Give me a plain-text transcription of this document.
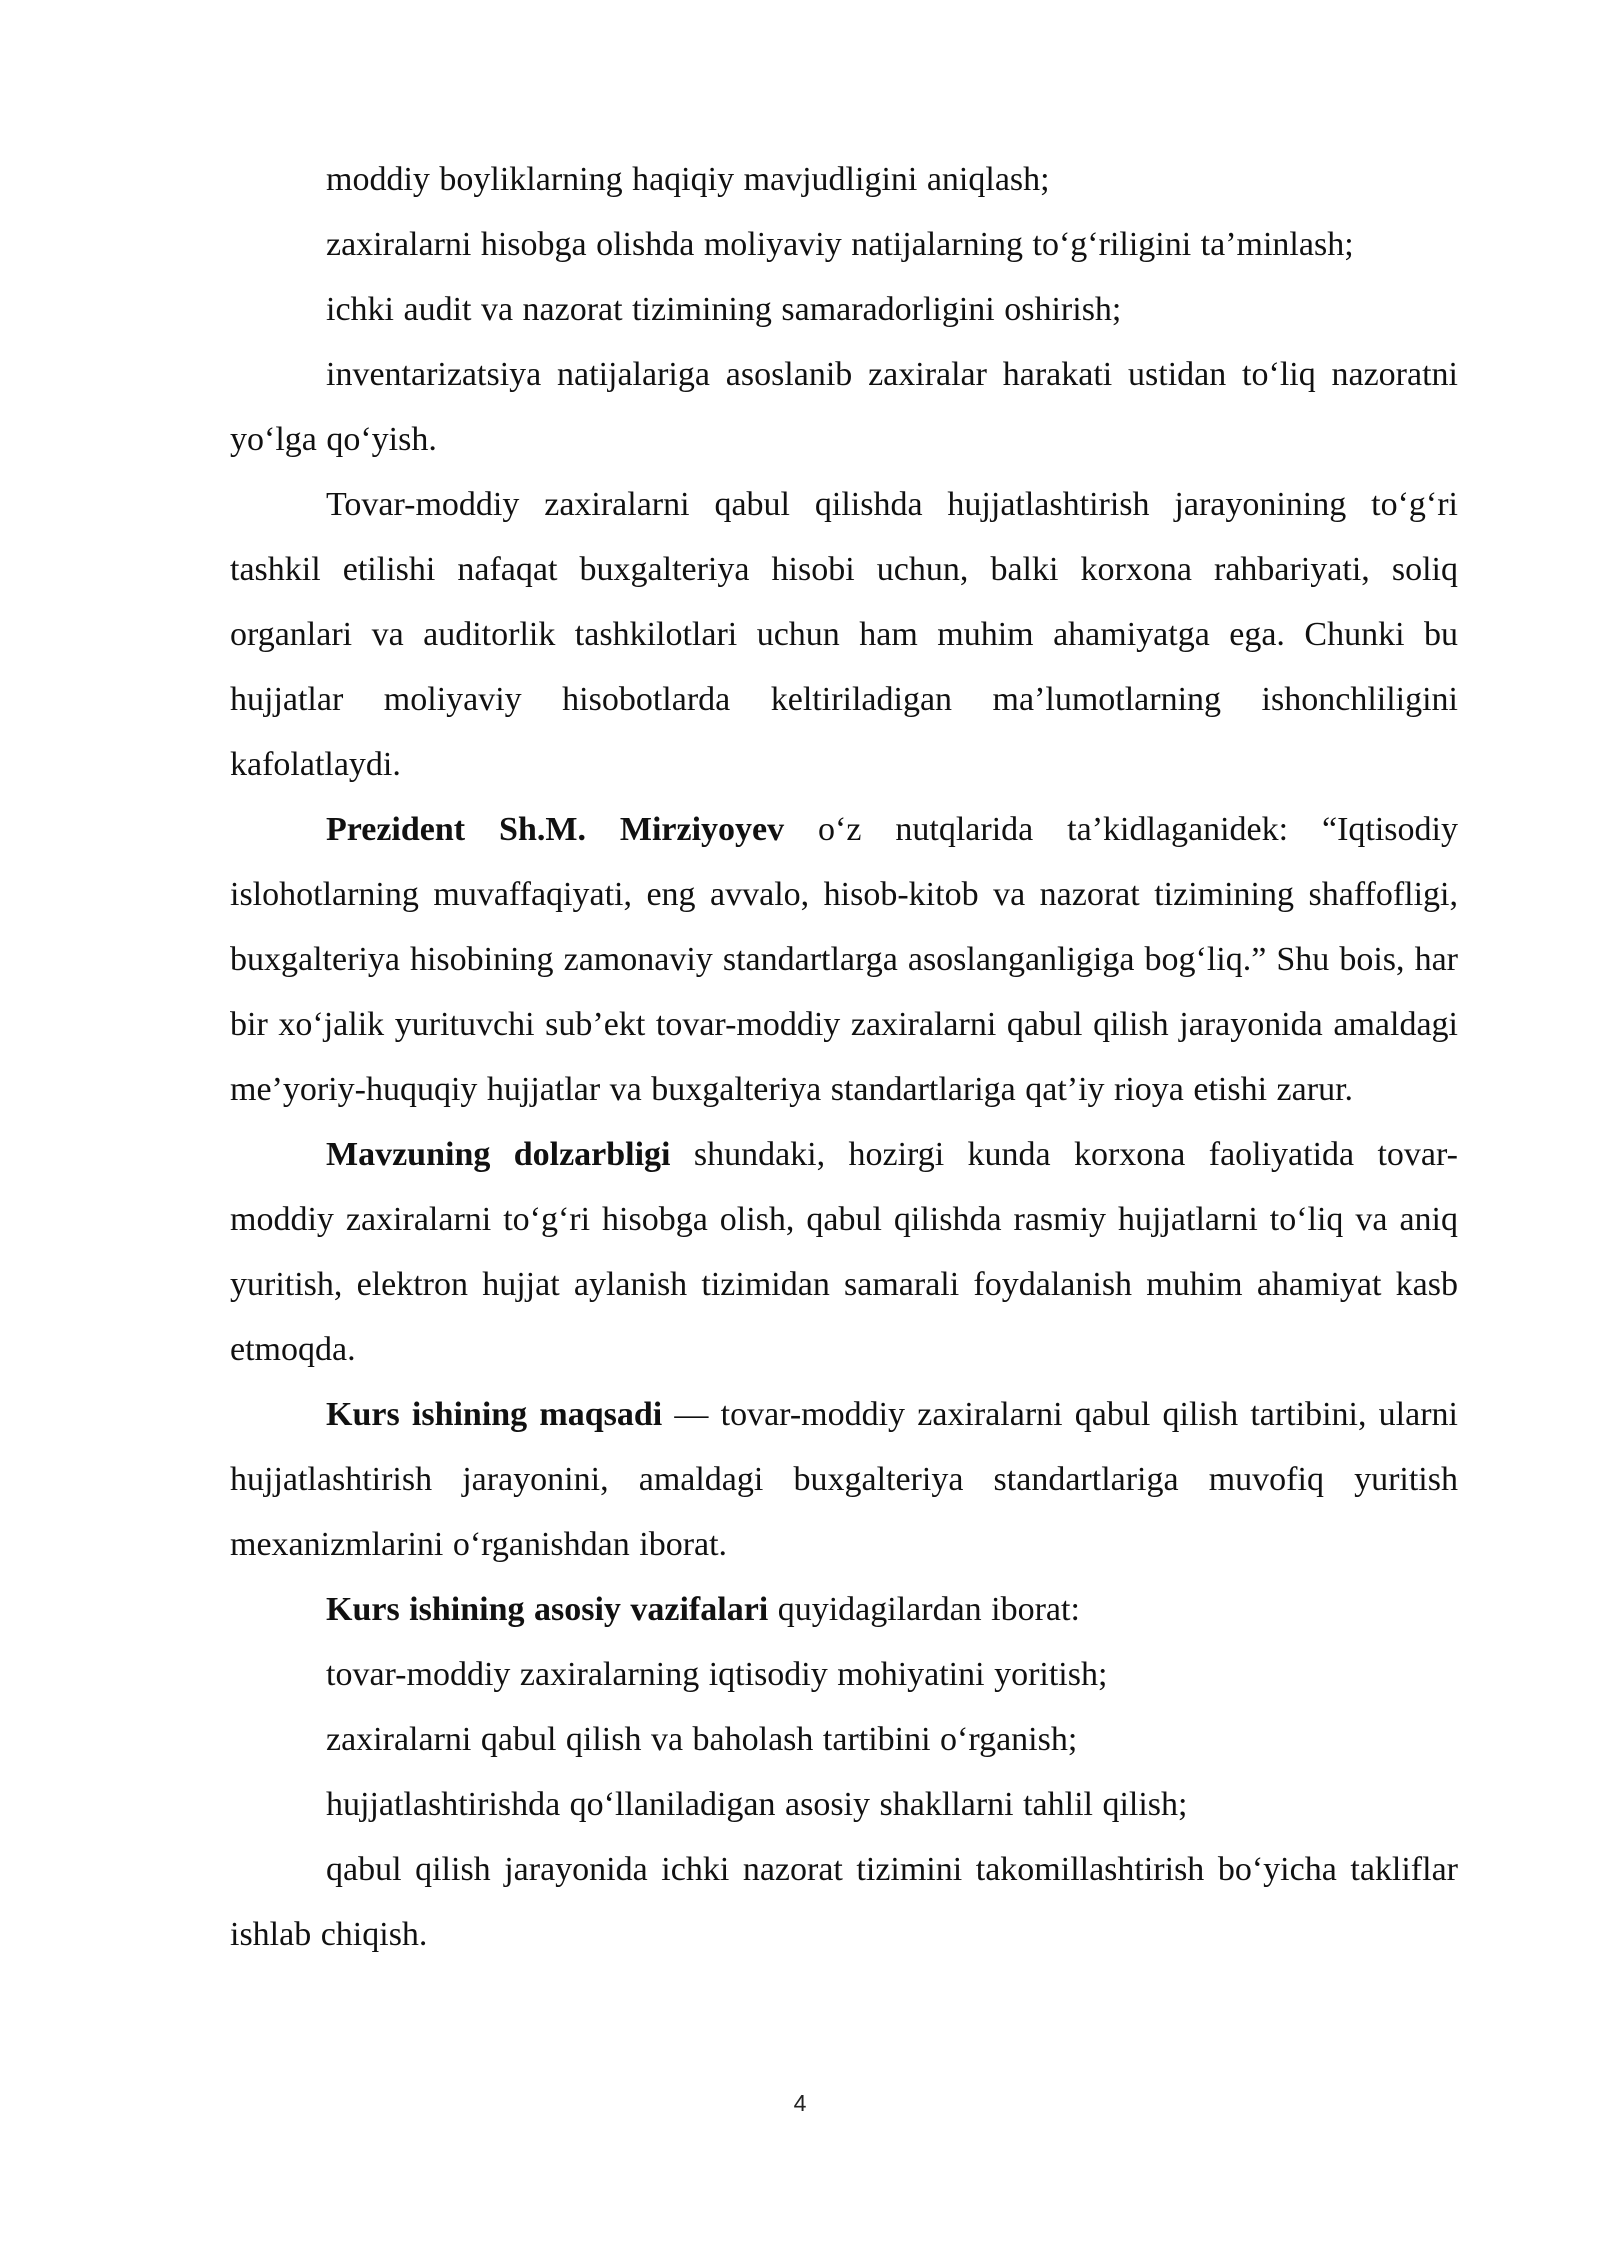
moddiy boyliklarning haqiqiy mavjudligini aniqlash;

zaxiralarni hisobga olishda moliyaviy natijalarning to‘g‘riligini ta’minlash;

ichki audit va nazorat tizimining samaradorligini oshirish;

inventarizatsiya natijalariga asoslanib zaxiralar harakati ustidan to‘liq nazoratni yo‘lga qo‘yish.

Tovar-moddiy zaxiralarni qabul qilishda hujjatlashtirish jarayonining to‘g‘ri tashkil etilishi nafaqat buxgalteriya hisobi uchun, balki korxona rahbariyati, soliq organlari va auditorlik tashkilotlari uchun ham muhim ahamiyatga ega. Chunki bu hujjatlar moliyaviy hisobotlarda keltiriladigan ma’lumotlarning ishonchliligini kafolatlaydi.

Prezident Sh.M. Mirziyoyev o‘z nutqlarida ta’kidlaganidek: “Iqtisodiy islohotlarning muvaffaqiyati, eng avvalo, hisob-kitob va nazorat tizimining shaffofligi, buxgalteriya hisobining zamonaviy standartlarga asoslanganligiga bog‘liq.” Shu bois, har bir xo‘jalik yurituvchi sub’ekt tovar-moddiy zaxiralarni qabul qilish jarayonida amaldagi me’yoriy-huquqiy hujjatlar va buxgalteriya standartlariga qat’iy rioya etishi zarur.

Mavzuning dolzarbligi shundaki, hozirgi kunda korxona faoliyatida tovar-moddiy zaxiralarni to‘g‘ri hisobga olish, qabul qilishda rasmiy hujjatlarni to‘liq va aniq yuritish, elektron hujjat aylanish tizimidan samarali foydalanish muhim ahamiyat kasb etmoqda.

Kurs ishining maqsadi — tovar-moddiy zaxiralarni qabul qilish tartibini, ularni hujjatlashtirish jarayonini, amaldagi buxgalteriya standartlariga muvofiq yuritish mexanizmlarini o‘rganishdan iborat.

Kurs ishining asosiy vazifalari quyidagilardan iborat:

tovar-moddiy zaxiralarning iqtisodiy mohiyatini yoritish;

zaxiralarni qabul qilish va baholash tartibini o‘rganish;

hujjatlashtirishda qo‘llaniladigan asosiy shakllarni tahlil qilish;

qabul qilish jarayonida ichki nazorat tizimini takomillashtirish bo‘yicha takliflar ishlab chiqish.

4
